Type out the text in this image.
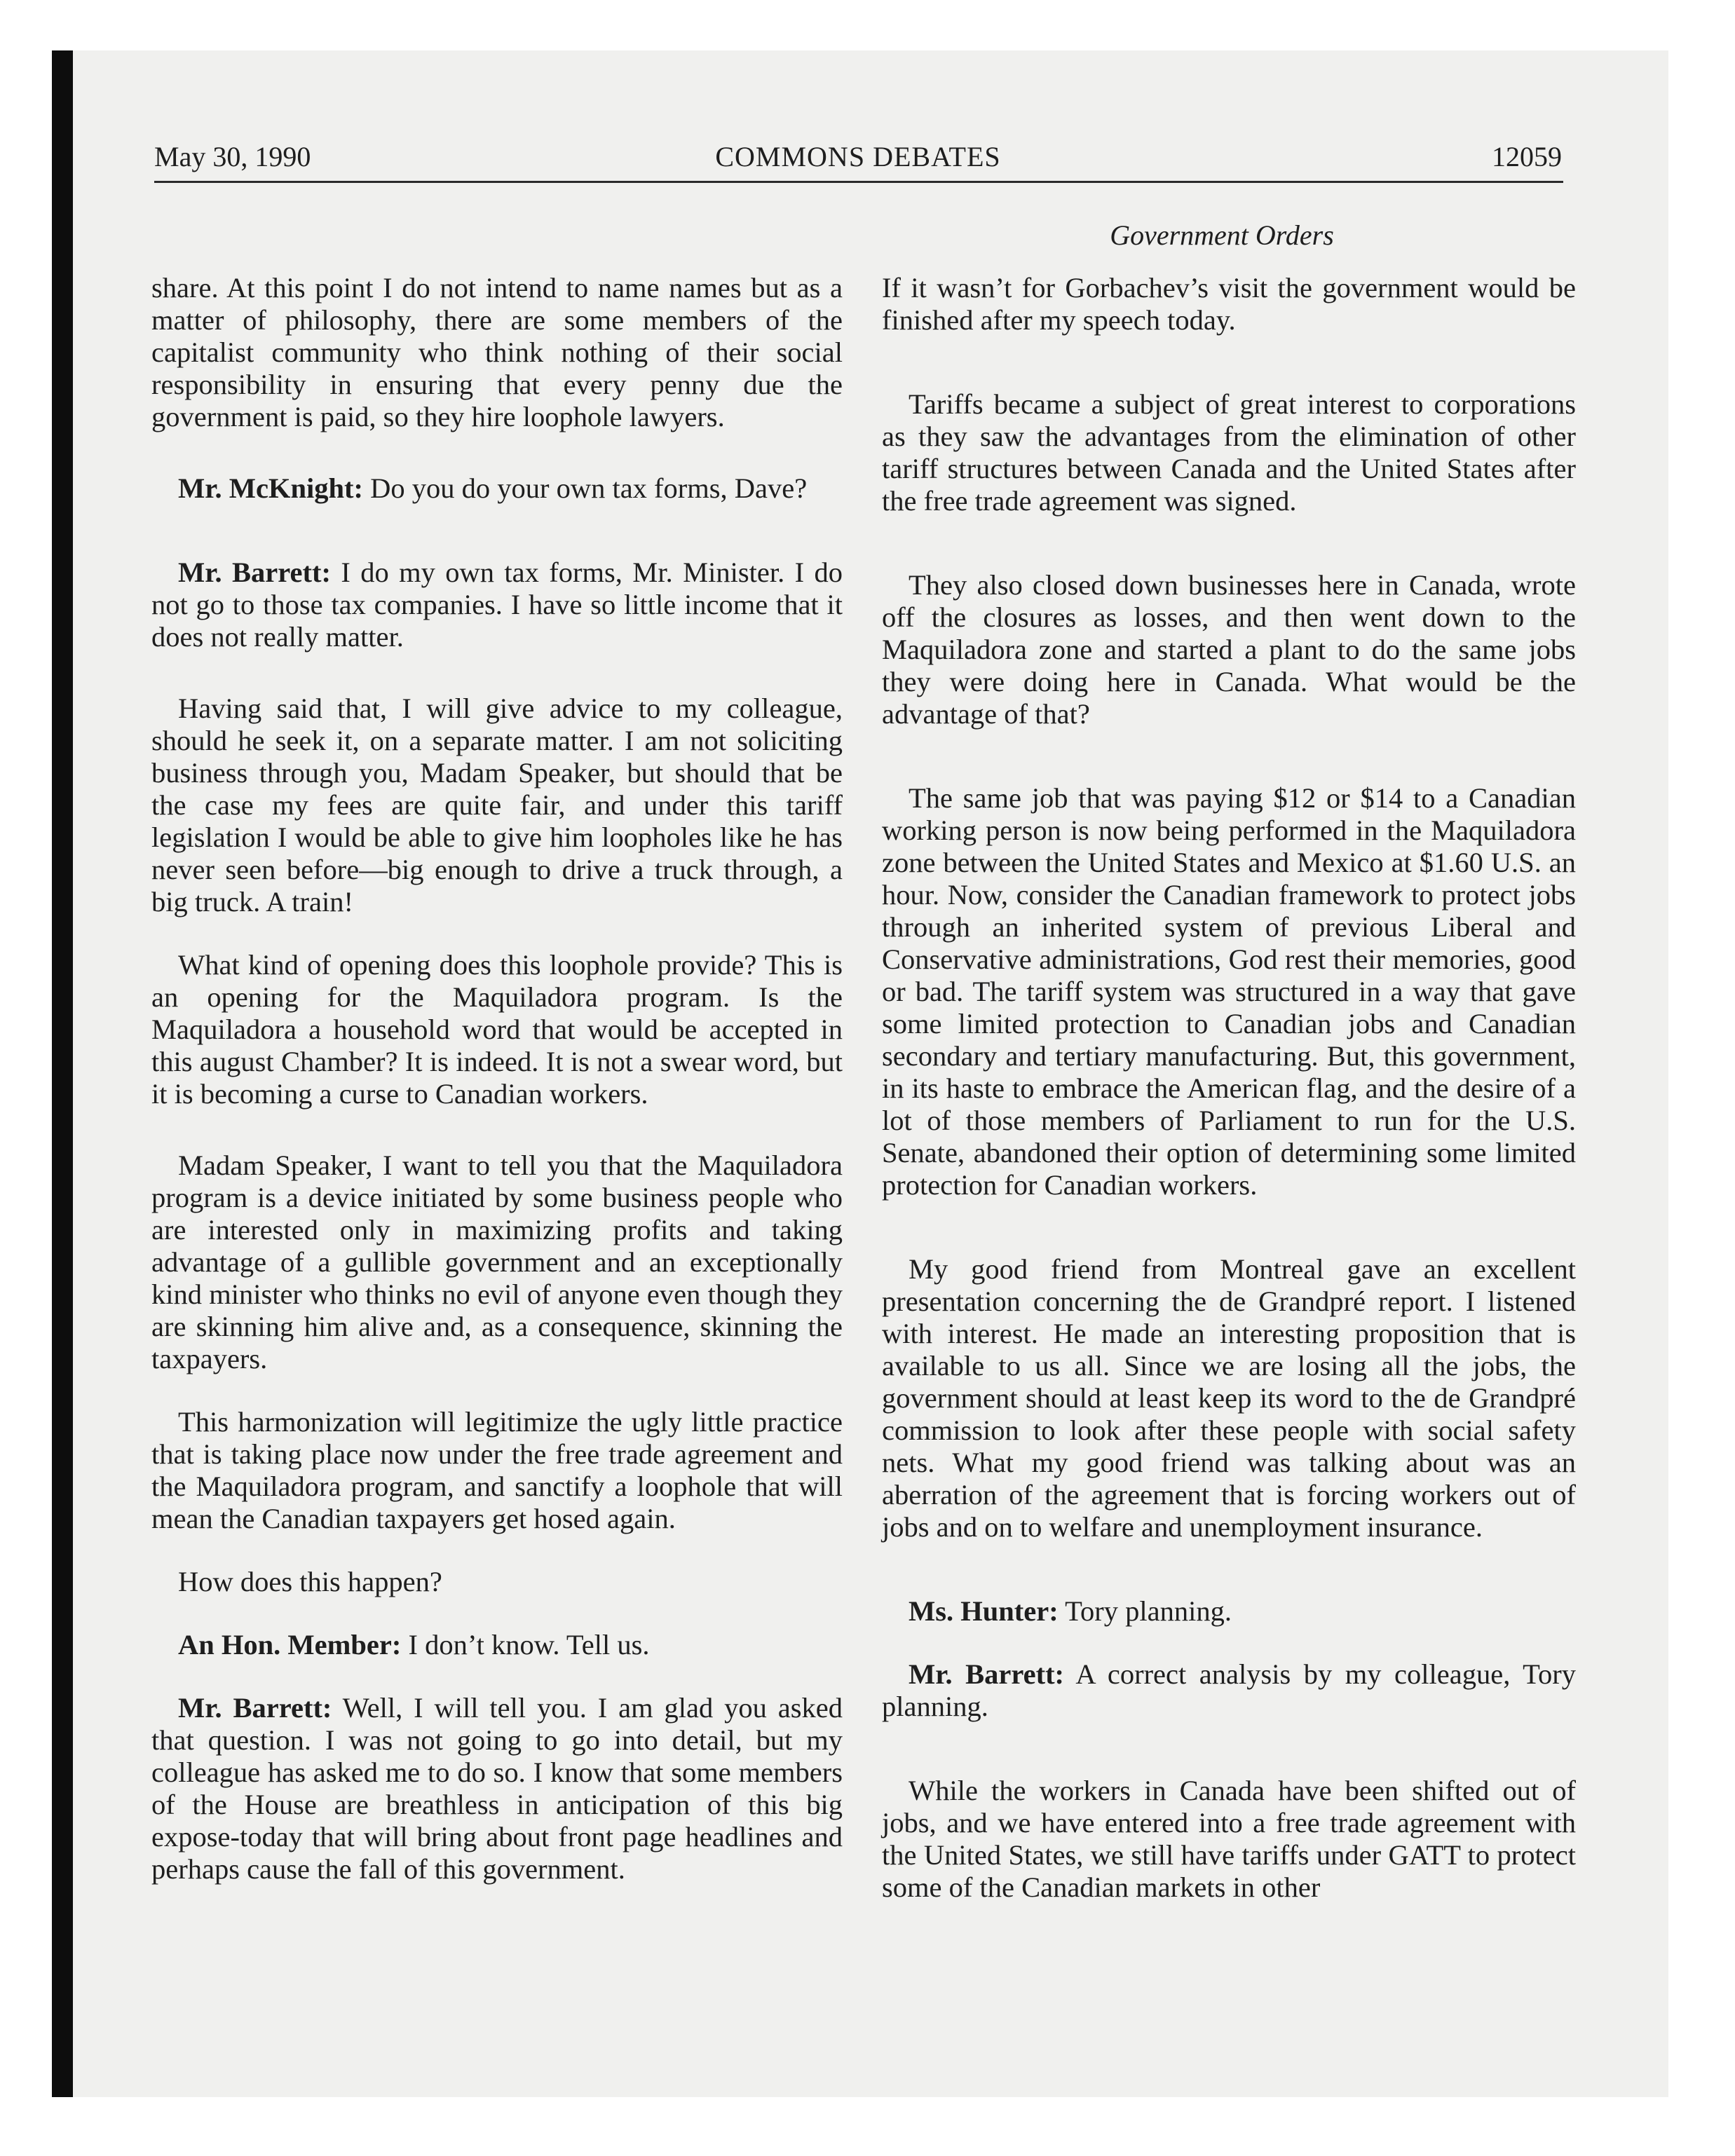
May 30, 1990	COMMONS DEBATES	12059
Government Orders

share. At this point I do not intend to name names but as a matter of philosophy, there are some members of the capitalist community who think nothing of their social responsibility in ensuring that every penny due the government is paid, so they hire loophole lawyers.

Mr. McKnight: Do you do your own tax forms, Dave?

Mr. Barrett: I do my own tax forms, Mr. Minister. I do not go to those tax companies. I have so little income that it does not really matter.

Having said that, I will give advice to my colleague, should he seek it, on a separate matter. I am not soliciting business through you, Madam Speaker, but should that be the case my fees are quite fair, and under this tariff legislation I would be able to give him loopholes like he has never seen before—big enough to drive a truck through, a big truck. A train!

What kind of opening does this loophole provide? This is an opening for the Maquiladora program. Is the Maquiladora a household word that would be accepted in this august Chamber? It is indeed. It is not a swear word, but it is becoming a curse to Canadian workers.

Madam Speaker, I want to tell you that the Maquiladora program is a device initiated by some business people who are interested only in maximizing profits and taking advantage of a gullible government and an exceptionally kind minister who thinks no evil of anyone even though they are skinning him alive and, as a consequence, skinning the taxpayers.

This harmonization will legitimize the ugly little practice that is taking place now under the free trade agreement and the Maquiladora program, and sanctify a loophole that will mean the Canadian taxpayers get hosed again.

How does this happen?

An Hon. Member: I don’t know. Tell us.

Mr. Barrett: Well, I will tell you. I am glad you asked that question. I was not going to go into detail, but my colleague has asked me to do so. I know that some members of the House are breathless in anticipation of this big expose-today that will bring about front page headlines and perhaps cause the fall of this government.

If it wasn’t for Gorbachev’s visit the government would be finished after my speech today.

Tariffs became a subject of great interest to corporations as they saw the advantages from the elimination of other tariff structures between Canada and the United States after the free trade agreement was signed.

They also closed down businesses here in Canada, wrote off the closures as losses, and then went down to the Maquiladora zone and started a plant to do the same jobs they were doing here in Canada. What would be the advantage of that?

The same job that was paying $12 or $14 to a Canadian working person is now being performed in the Maquiladora zone between the United States and Mexico at $1.60 U.S. an hour. Now, consider the Canadian framework to protect jobs through an inherited system of previous Liberal and Conservative administrations, God rest their memories, good or bad. The tariff system was structured in a way that gave some limited protection to Canadian jobs and Canadian secondary and tertiary manufacturing. But, this government, in its haste to embrace the American flag, and the desire of a lot of those members of Parliament to run for the U.S. Senate, abandoned their option of determining some limited protection for Canadian workers.

My good friend from Montreal gave an excellent presentation concerning the de Grandpré report. I listened with interest. He made an interesting proposition that is available to us all. Since we are losing all the jobs, the government should at least keep its word to the de Grandpré commission to look after these people with social safety nets. What my good friend was talking about was an aberration of the agreement that is forcing workers out of jobs and on to welfare and unemployment insurance.

Ms. Hunter: Tory planning.

Mr. Barrett: A correct analysis by my colleague, Tory planning.

While the workers in Canada have been shifted out of jobs, and we have entered into a free trade agreement with the United States, we still have tariffs under GATT to protect some of the Canadian markets in other
